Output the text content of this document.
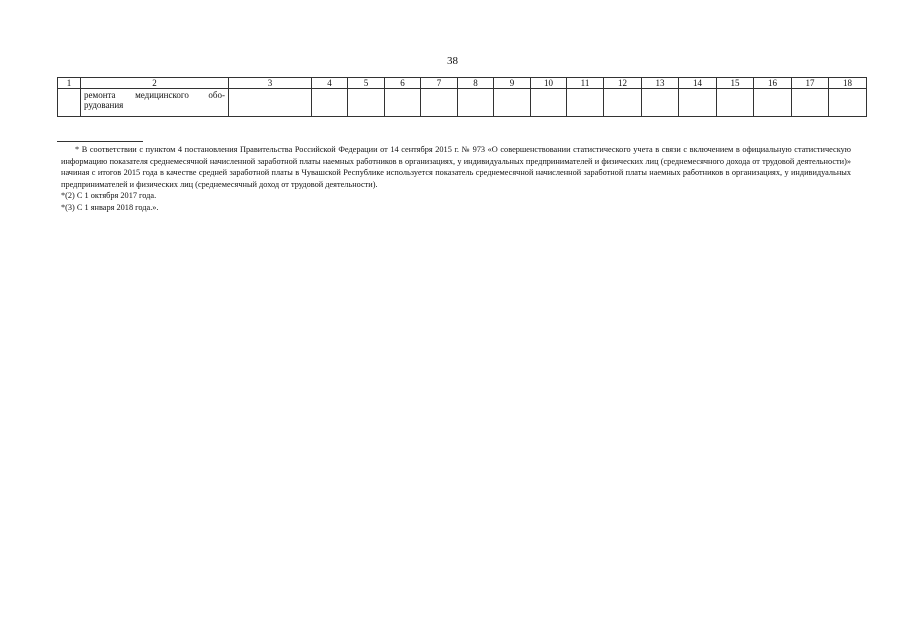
38
1	2	3	4	5	6	7	8	9	10	11	12	13	14	15	16	17	18
	ремонта медицинского оборудования																

* В соответствии с пунктом 4 постановления Правительства Российской Федерации от 14 сентября 2015 г. № 973 «О совершенствовании статистического учета в связи с включением в официальную статистическую информацию показателя среднемесячной начисленной заработной платы наемных работников в организациях, у индивидуальных предпринимателей и физических лиц (среднемесячного дохода от трудовой деятельности)» начиная с итогов 2015 года в качестве средней заработной платы в Чувашской Республике используется показатель среднемесячной начисленной заработной платы наемных работников в организациях, у индивидуальных предпринимателей и физических лиц (среднемесячный доход от трудовой деятельности).

*(2) С 1 октября 2017 года.

*(3) С 1 января 2018 года.».
